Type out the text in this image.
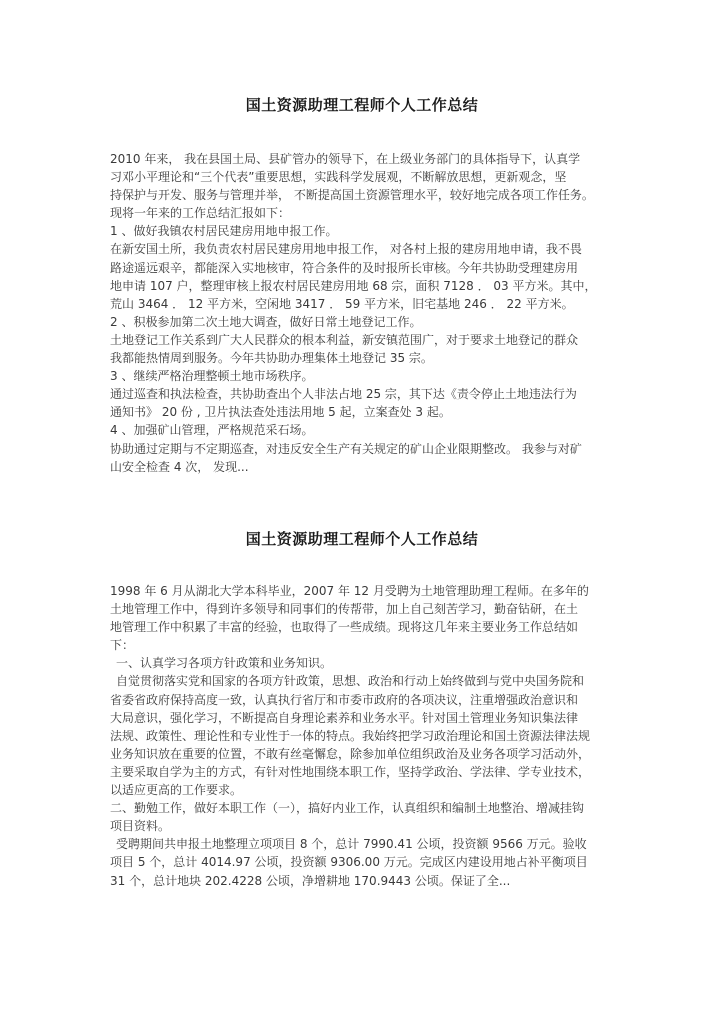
国土资源助理工程师个人工作总结
2010 年来， 我在县国土局、县矿管办的领导下，在上级业务部门的具体指导下，认真学
习邓小平理论和“三个代表”重要思想，实践科学发展观，不断解放思想，更新观念，坚
持保护与开发、服务与管理并举， 不断提高国土资源管理水平，较好地完成各项工作任务。
现将一年来的工作总结汇报如下：
1 、做好我镇农村居民建房用地申报工作。
在新安国土所，我负责农村居民建房用地申报工作， 对各村上报的建房用地申请，我不畏
路途遥远艰辛，都能深入实地核审，符合条件的及时报所长审核。今年共协助受理建房用
地申请 107 户，整理审核上报农村居民建房用地 68 宗，面积 7128 ． 03 平方米。其中，
荒山 3464 ． 12 平方米，空闲地 3417 ． 59 平方米，旧宅基地 246 ． 22 平方米。
2 、积极参加第二次土地大调查，做好日常土地登记工作。
土地登记工作关系到广大人民群众的根本利益，新安镇范围广，对于要求土地登记的群众
我都能热情周到服务。今年共协助办理集体土地登记 35 宗。
3 、继续严格治理整顿土地市场秩序。
通过巡查和执法检查，共协助查出个人非法占地 25 宗，其下达《责令停止土地违法行为
通知书》 20 份 , 卫片执法查处违法用地 5 起，立案查处 3 起。
4 、加强矿山管理，严格规范采石场。
协助通过定期与不定期巡查，对违反安全生产有关规定的矿山企业限期整改。 我参与对矿
山安全检查 4 次， 发现...
国土资源助理工程师个人工作总结
1998 年 6 月从湖北大学本科毕业，2007 年 12 月受聘为土地管理助理工程师。在多年的
土地管理工作中，得到许多领导和同事们的传帮带，加上自己刻苦学习，勤奋钻研，在土
地管理工作中积累了丰富的经验，也取得了一些成绩。现将这几年来主要业务工作总结如
下：
一、认真学习各项方针政策和业务知识。
自觉贯彻落实党和国家的各项方针政策，思想、政治和行动上始终做到与党中央国务院和
省委省政府保持高度一致，认真执行省厅和市委市政府的各项决议，注重增强政治意识和
大局意识，强化学习，不断提高自身理论素养和业务水平。针对国土管理业务知识集法律
法规、政策性、理论性和专业性于一体的特点。我始终把学习政治理论和国土资源法律法规
业务知识放在重要的位置，不敢有丝毫懈怠，除参加单位组织政治及业务各项学习活动外，
主要采取自学为主的方式，有针对性地围绕本职工作，坚持学政治、学法律、学专业技术，
以适应更高的工作要求。
二、勤勉工作，做好本职工作（一），搞好内业工作，认真组织和编制土地整治、增减挂钩
项目资料。
受聘期间共申报土地整理立项项目 8 个，总计 7990.41 公顷，投资额 9566 万元。验收
项目 5 个，总计 4014.97 公顷，投资额 9306.00 万元。完成区内建设用地占补平衡项目
31 个，总计地块 202.4228 公顷，净增耕地 170.9443 公顷。保证了全...
